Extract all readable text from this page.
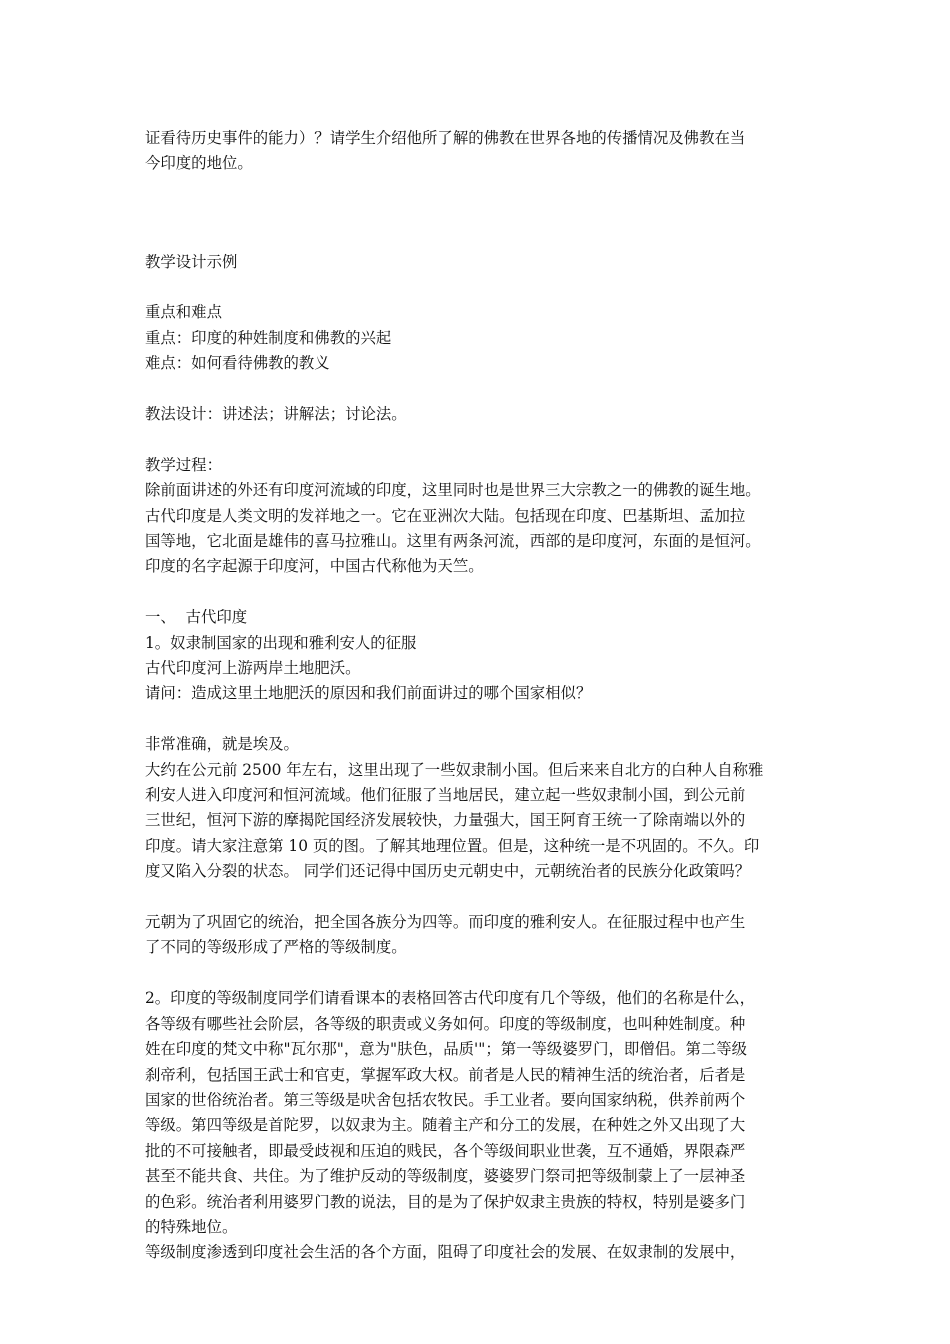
证看待历史事件的能力）？请学生介绍他所了解的佛教在世界各地的传播情况及佛教在当

今印度的地位。

教学设计示例

重点和难点

重点：印度的种姓制度和佛教的兴起

难点：如何看待佛教的教义

教法设计：讲述法；讲解法；讨论法。

教学过程：

除前面讲述的外还有印度河流域的印度，这里同时也是世界三大宗教之一的佛教的诞生地。

古代印度是人类文明的发祥地之一。它在亚洲次大陆。包括现在印度、巴基斯坦、孟加拉

国等地，它北面是雄伟的喜马拉雅山。这里有两条河流，西部的是印度河，东面的是恒河。

印度的名字起源于印度河，中国古代称他为天竺。

一、  古代印度

1。奴隶制国家的出现和雅利安人的征服

古代印度河上游两岸土地肥沃。

请问：造成这里土地肥沃的原因和我们前面讲过的哪个国家相似？

非常准确，就是埃及。

大约在公元前 2500 年左右，这里出现了一些奴隶制小国。但后来来自北方的白种人自称雅

利安人进入印度河和恒河流域。他们征服了当地居民，建立起一些奴隶制小国，到公元前

三世纪，恒河下游的摩揭陀国经济发展较快，力量强大，国王阿育王统一了除南端以外的

印度。请大家注意第 10 页的图。了解其地理位置。但是，这种统一是不巩固的。不久。印

度又陷入分裂的状态。 同学们还记得中国历史元朝史中，元朝统治者的民族分化政策吗？

元朝为了巩固它的统治，把全国各族分为四等。而印度的雅利安人。在征服过程中也产生

了不同的等级形成了严格的等级制度。

2。印度的等级制度同学们请看课本的表格回答古代印度有几个等级，他们的名称是什么，

各等级有哪些社会阶层，各等级的职责或义务如何。印度的等级制度，也叫种姓制度。种

姓在印度的梵文中称"瓦尔那"，意为"肤色，品质'"；第一等级婆罗门，即僧侣。第二等级

刹帝利，包括国王武士和官吏，掌握军政大权。前者是人民的精神生活的统治者，后者是

国家的世俗统治者。第三等级是吠舍包括农牧民。手工业者。要向国家纳税，供养前两个

等级。第四等级是首陀罗，以奴隶为主。随着主产和分工的发展，在种姓之外又出现了大

批的不可接触者，即最受歧视和压迫的贱民，各个等级间职业世袭，互不通婚，界限森严

甚至不能共食、共住。为了维护反动的等级制度，婆婆罗门祭司把等级制蒙上了一层神圣

的色彩。统治者利用婆罗门教的说法，目的是为了保护奴隶主贵族的特权，特别是婆多门

的特殊地位。

等级制度渗透到印度社会生活的各个方面，阻碍了印度社会的发展、在奴隶制的发展中，
